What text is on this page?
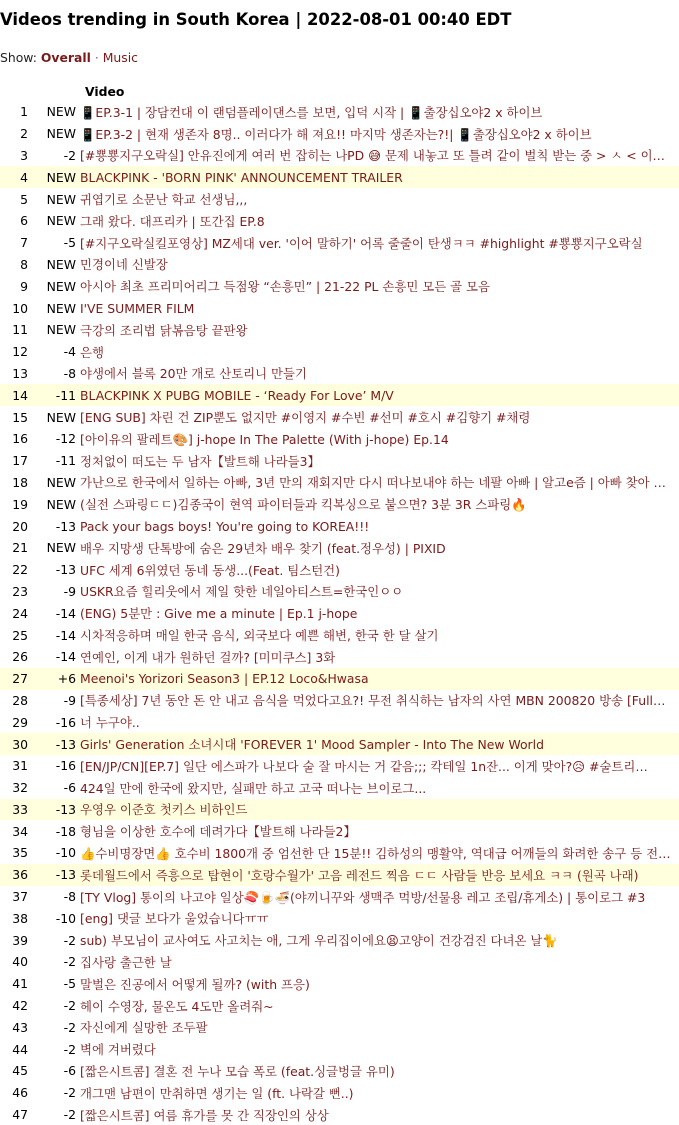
Videos trending in South Korea | 2022-08-01 00:40 EDT
Show: Overall · Music
		Video
1	NEW	📱EP.3-1 | 장담컨대 이 랜덤플레이댄스를 보면, 입덕 시작 | 📱출장십오야2 x 하이브
2	NEW	📱EP.3-2 | 현재 생존자 8명.. 이러다가 해 져요!! 마지막 생존자는?!| 📱출장십오야2 x 하이브
3	-2	[#뿅뿅지구오락실] 안유진에게 여러 번 잡히는 나PD 😅 문제 내놓고 또 틀려 같이 벌칙 받는 중 > ㅅ < 이…
4	NEW	BLACKPINK - 'BORN PINK' ANNOUNCEMENT TRAILER
5	NEW	귀엽기로 소문난 학교 선생님,,,
6	NEW	그래 왔다. 대프리카 | 또간집 EP.8
7	-5	[#지구오락실킬포영상] MZ세대 ver. '이어 말하기' 어록 줄줄이 탄생ㅋㅋ #highlight #뿅뿅지구오락실
8	NEW	민경이네 신발장
9	NEW	아시아 최초 프리미어리그 득점왕 “손흥민” | 21-22 PL 손흥민 모든 골 모음
10	NEW	I'VE SUMMER FILM
11	NEW	극강의 조리법 닭볶음탕 끝판왕
12	-4	은행
13	-8	야생에서 블록 20만 개로 산토리니 만들기
14	-11	BLACKPINK X PUBG MOBILE - ‘Ready For Love’ M/V
15	NEW	[ENG SUB] 차린 건 ZIP뿐도 없지만 #이영지 #수빈 #선미 #호시 #김향기 #채령
16	-12	[아이유의 팔레트🎨] j-hope In The Palette (With j-hope) Ep.14
17	-11	정처없이 떠도는 두 남자【발트해 나라들3】
18	NEW	가난으로 한국에서 일하는 아빠, 3년 만의 재회지만 다시 떠나보내야 하는 네팔 아빠 | 알고e즘 | 아빠 찾아 …
19	NEW	(실전 스파링ㄷㄷ)김종국이 현역 파이터들과 킥복싱으로 붙으면? 3분 3R 스파링🔥
20	-13	Pack your bags boys! You're going to KOREA!!!
21	NEW	배우 지망생 단톡방에 숨은 29년차 배우 찾기 (feat.정우성) | PIXID
22	-13	UFC 세계 6위였던 동네 동생...(Feat. 팀스턴건)
23	-9	USKR요즘 힐리웃에서 제일 핫한 네일아티스트=한국인ㅇㅇ
24	-14	(ENG) 5분만 : Give me a minute | Ep.1 j-hope
25	-14	시차적응하며 매일 한국 음식, 외국보다 예쁜 해변, 한국 한 달 살기
26	-14	연예인, 이게 내가 원하던 걸까? [미미쿠스] 3화
27	+6	Meenoi's Yorizori Season3 | EP.12 Loco&Hwasa
28	-9	[특종세상] 7년 동안 돈 안 내고 음식을 먹었다고요?! 무전 취식하는 남자의 사연 MBN 200820 방송 [Full…
29	-16	너 누구야..
30	-13	Girls' Generation 소녀시대 'FOREVER 1' Mood Sampler - Into The New World
31	-16	[EN/JP/CN][EP.7] 일단 에스파가 나보다 술 잘 마시는 거 같음;;; 칵테일 1n잔... 이게 맞아?😥 #술트리…
32	-6	424일 만에 한국에 왔지만, 실패만 하고 고국 떠나는 브이로그...
33	-13	우영우 이준호 첫키스 비하인드
34	-18	형님을 이상한 호수에 데려가다【발트해 나라들2】
35	-10	👍수비명장면👍 호수비 1800개 중 엄선한 단 15분!! 김하성의 맹활약, 역대급 어깨들의 화려한 송구 등 전…
36	-13	롯데월드에서 즉흥으로 탑현이 '호랑수월가' 고음 레전드 찍음 ㄷㄷ 사람들 반응 보세요 ㅋㅋ (원곡 나래)
37	-8	[TY Vlog] 통이의 나고야 일상🍣🍺🍜(야끼니꾸와 생맥주 먹방/선물용 레고 조립/휴게소) | 통이로그 #3
38	-10	[eng] 댓글 보다가 울었습니다ㅠㅠ
39	-2	sub) 부모님이 교사여도 사고치는 애, 그게 우리집이에요😫고양이 건강검진 다녀온 날🐈
40	-2	집사랑 출근한 날
41	-5	말벌은 진공에서 어떻게 될까? (with 프응)
42	-2	헤이 수영장, 물온도 4도만 올려줘~
43	-2	자신에게 실망한 조두팔
44	-2	벽에 겨버렸다
45	-6	[짧은시트콤] 결혼 전 누나 모습 폭로 (feat.싱글벙글 유미)
46	-2	개그맨 남편이 만취하면 생기는 일 (ft. 나락갈 뻔..)
47	-2	[짧은시트콤] 여름 휴가를 못 간 직장인의 상상
